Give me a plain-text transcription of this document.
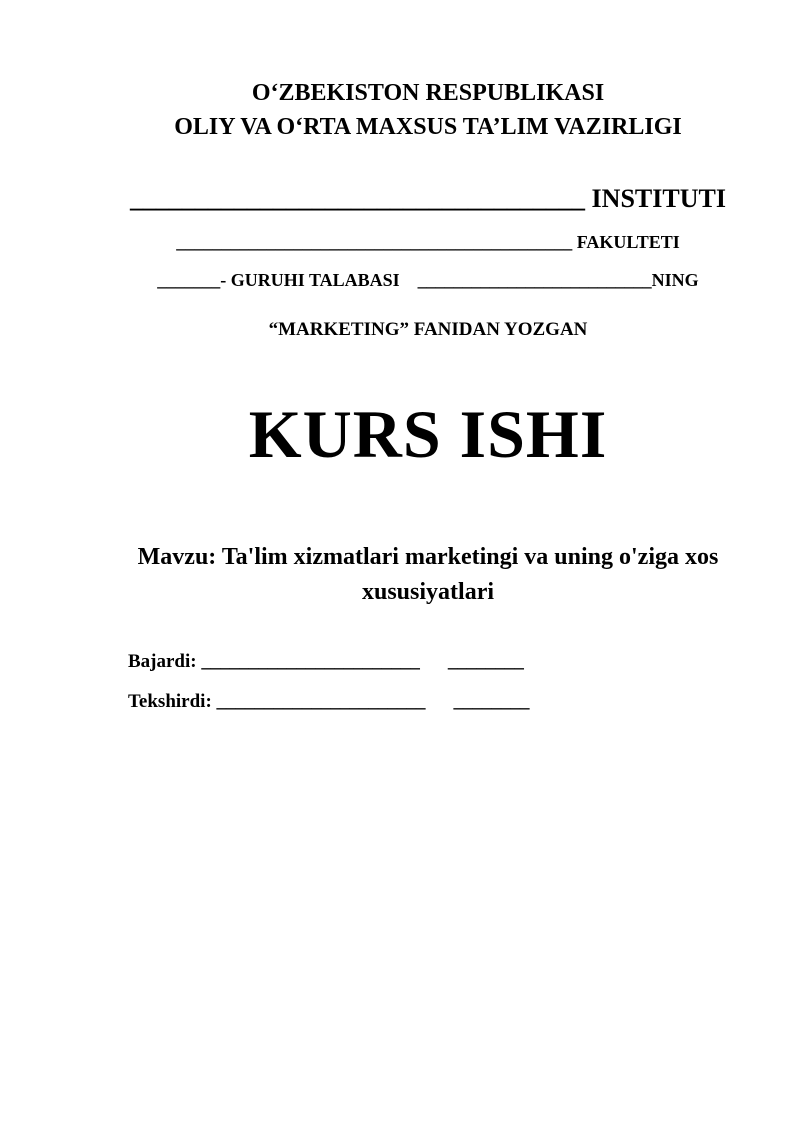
O‘ZBEKISTON RESPUBLIKASI
OLIY VA O‘RTA MAXSUS TA’LIM VAZIRLIGI

___________________________________ INSTITUTI

____________________________________________ FAKULTETI

_______- GURUHI TALABASI __________________________NING

“MARKETING” FANIDAN YOZGAN

KURS ISHI

Mavzu: Ta'lim xizmatlari marketingi va uning o'ziga xos
xususiyatlari

Bajardi: _______________________ ________

Tekshirdi: ______________________ ________
